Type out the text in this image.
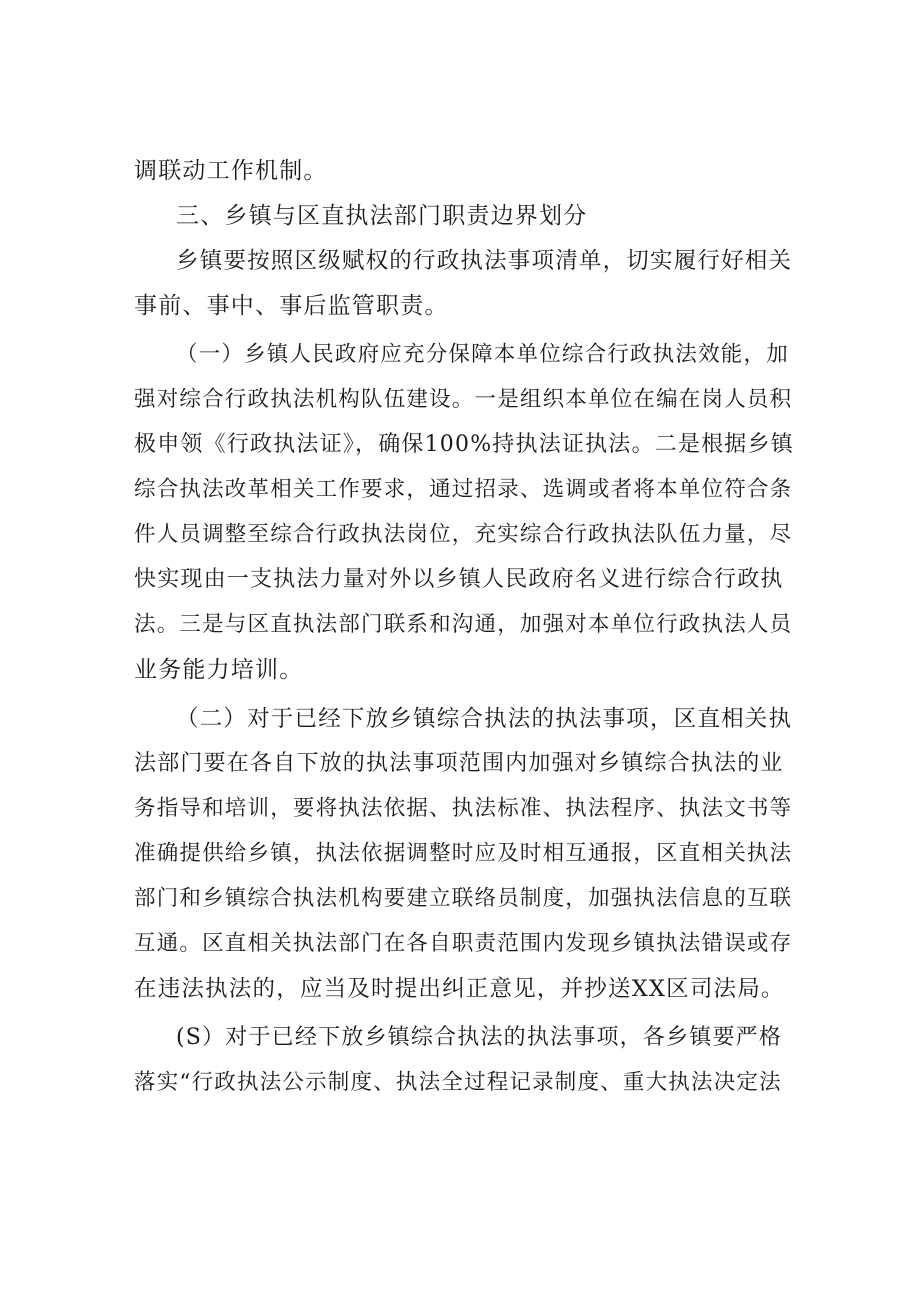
调联动工作机制。
三、乡镇与区直执法部门职责边界划分
乡镇要按照区级赋权的行政执法事项清单，切实履行好相关
事前、事中、事后监管职责。
（一）乡镇人民政府应充分保障本单位综合行政执法效能，加
强对综合行政执法机构队伍建设。一是组织本单位在编在岗人员积
极申领《行政执法证》，确保100%持执法证执法。二是根据乡镇
综合执法改革相关工作要求，通过招录、选调或者将本单位符合条
件人员调整至综合行政执法岗位，充实综合行政执法队伍力量，尽
快实现由一支执法力量对外以乡镇人民政府名义进行综合行政执
法。三是与区直执法部门联系和沟通，加强对本单位行政执法人员
业务能力培训。
（二）对于已经下放乡镇综合执法的执法事项，区直相关执
法部门要在各自下放的执法事项范围内加强对乡镇综合执法的业
务指导和培训，要将执法依据、执法标准、执法程序、执法文书等
准确提供给乡镇，执法依据调整时应及时相互通报，区直相关执法
部门和乡镇综合执法机构要建立联络员制度，加强执法信息的互联
互通。区直相关执法部门在各自职责范围内发现乡镇执法错误或存
在违法执法的，应当及时提出纠正意见，并抄送XX区司法局。
(S）对于已经下放乡镇综合执法的执法事项，各乡镇要严格
落实“行政执法公示制度、执法全过程记录制度、重大执法决定法
